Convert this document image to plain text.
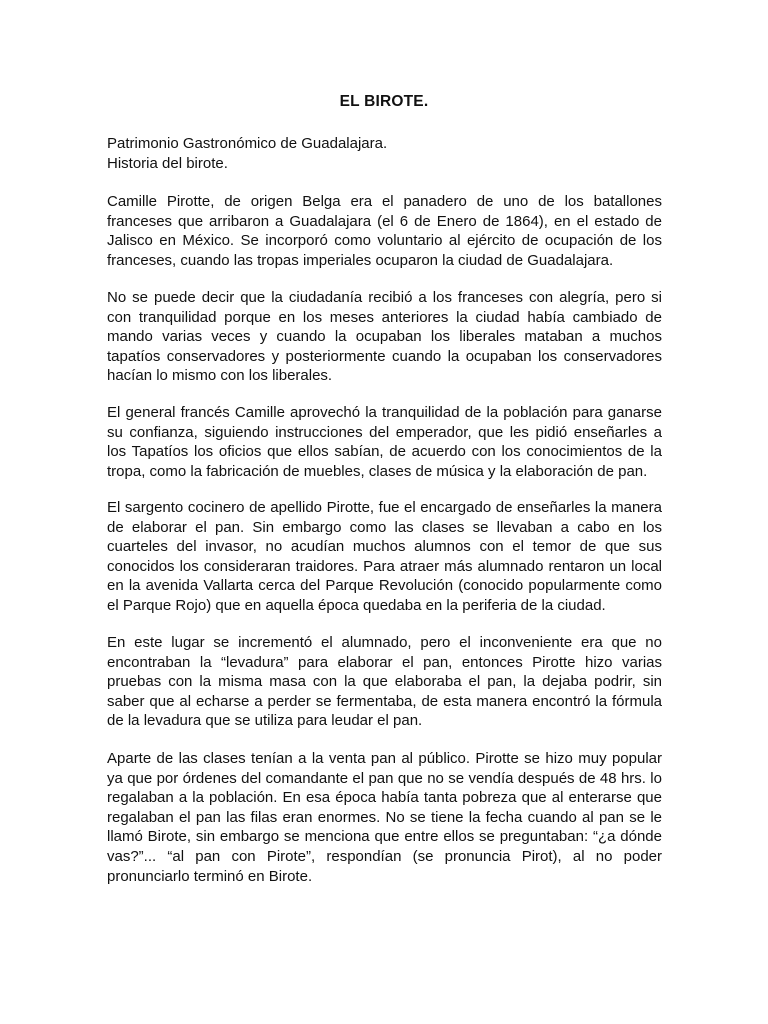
EL BIROTE.

Patrimonio Gastronómico de Guadalajara.

Historia del birote.

Camille Pirotte, de origen Belga era el panadero de uno de los batallones
franceses que arribaron a Guadalajara (el 6 de Enero de 1864), en el estado de
Jalisco en México. Se incorporó como voluntario al ejército de ocupación de los
franceses, cuando las tropas imperiales ocuparon la ciudad de Guadalajara.
No se puede decir que la ciudadanía recibió a los franceses con alegría, pero si
con tranquilidad porque en los meses anteriores la ciudad había cambiado de
mando varias veces y cuando la ocupaban los liberales mataban a muchos
tapatíos conservadores y posteriormente cuando la ocupaban los conservadores
hacían lo mismo con los liberales.
El general francés Camille aprovechó la tranquilidad de la población para ganarse
su confianza, siguiendo instrucciones del emperador, que les pidió enseñarles a
los Tapatíos los oficios que ellos sabían, de acuerdo con los conocimientos de la
tropa, como la fabricación de muebles, clases de música y la elaboración de pan.
El sargento cocinero de apellido Pirotte, fue el encargado de enseñarles la manera
de elaborar el pan. Sin embargo como las clases se llevaban a cabo en los
cuarteles del invasor, no acudían muchos alumnos con el temor de que sus
conocidos los consideraran traidores. Para atraer más alumnado rentaron un local
en la avenida Vallarta cerca del Parque Revolución (conocido popularmente como
el Parque Rojo) que en aquella época quedaba en la periferia de la ciudad.
En este lugar se incrementó el alumnado, pero el inconveniente era que no
encontraban la “levadura” para elaborar el pan, entonces Pirotte hizo varias
pruebas con la misma masa con la que elaboraba el pan, la dejaba podrir, sin
saber que al echarse a perder se fermentaba, de esta manera encontró la fórmula
de la levadura que se utiliza para leudar el pan.
Aparte de las clases tenían a la venta pan al público. Pirotte se hizo muy popular
ya que por órdenes del comandante el pan que no se vendía después de 48 hrs. lo
regalaban a la población. En esa época había tanta pobreza que al enterarse que
regalaban el pan las filas eran enormes. No se tiene la fecha cuando al pan se le
llamó Birote, sin embargo se menciona que entre ellos se preguntaban: “¿a dónde
vas?”... “al pan con Pirote”, respondían (se pronuncia Pirot), al no poder
pronunciarlo terminó en Birote.
